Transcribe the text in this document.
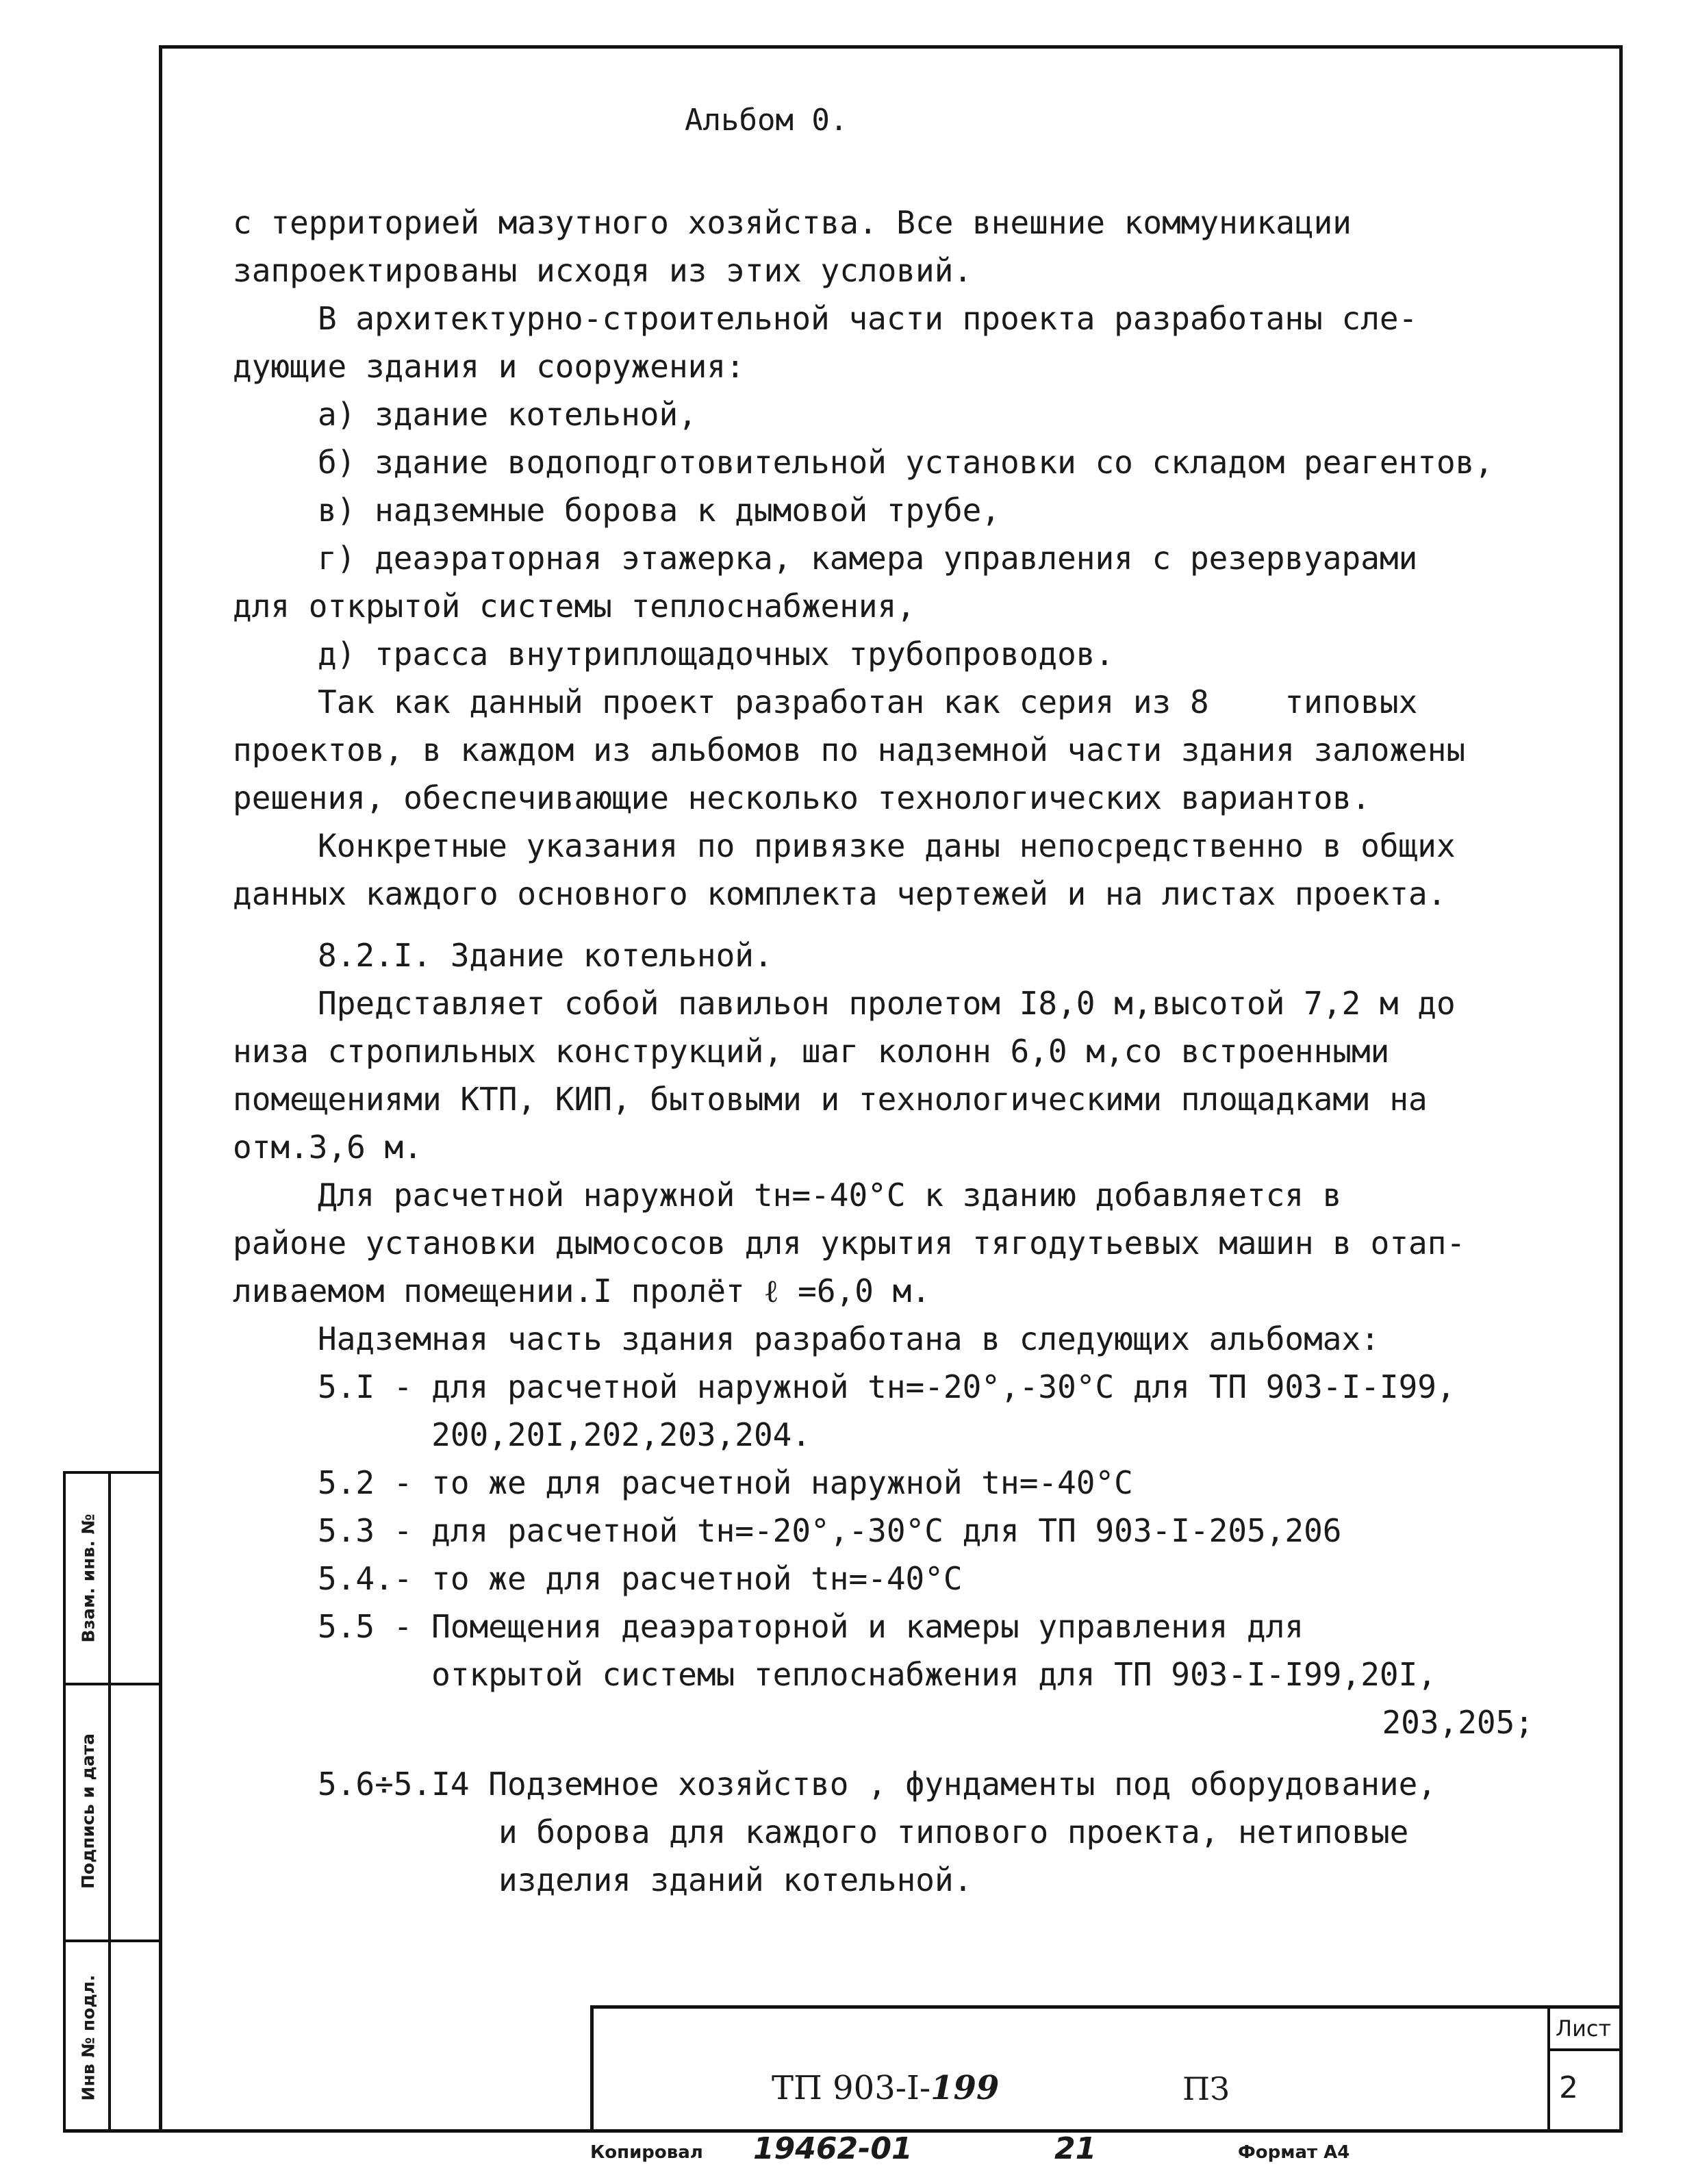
Альбом 0.

с территорией мазутного хозяйства. Все внешние коммуникации

запроектированы исходя из этих условий.

В архитектурно-строительной части проекта разработаны сле-

дующие здания и сооружения:

а) здание котельной,

б) здание водоподготовительной установки со складом реагентов,

в) надземные борова к дымовой трубе,

г) деаэраторная этажерка, камера управления с резервуарами

для открытой системы теплоснабжения,

д) трасса внутриплощадочных трубопроводов.

Так как данный проект разработан как серия из 8    типовых

проектов, в каждом из альбомов по надземной части здания заложены

решения, обеспечивающие несколько технологических вариантов.

Конкретные указания по привязке даны непосредственно в общих

данных каждого основного комплекта чертежей и на листах проекта.

8.2.I. Здание котельной.

Представляет собой павильон пролетом I8,0 м,высотой 7,2 м до

низа стропильных конструкций, шаг колонн 6,0 м,со встроенными

помещениями КТП, КИП, бытовыми и технологическими площадками на

отм.3,6 м.

Для расчетной наружной tн=-40°С к зданию добавляется в

районе установки дымососов для укрытия тягодутьевых машин в отап-

ливаемом помещении.I пролёт ℓ =6,0 м.

Надземная часть здания разработана в следующих альбомах:

5.I - для расчетной наружной tн=-20°,-30°С для ТП 903-I-I99,

200,20I,202,203,204.
5.2 - то же для расчетной наружной tн=-40°С
5.3 - для расчетной tн=-20°,-30°С для ТП 903-I-205,206
5.4.- то же для расчетной tн=-40°С
5.5 - Помещения деаэраторной и камеры управления для

открытой системы теплоснабжения для ТП 903-I-I99,20I,

203,205;

5.6÷5.I4 Подземное хозяйство , фундаменты под оборудование,

и борова для каждого типового проекта, нетиповые

изделия зданий котельной.

Взам. инв. №
Подпись и дата
Инв № подл.	ТП 903-I-199	ПЗ
Лист
2
Копировал 19462-01	21	Формат А4
